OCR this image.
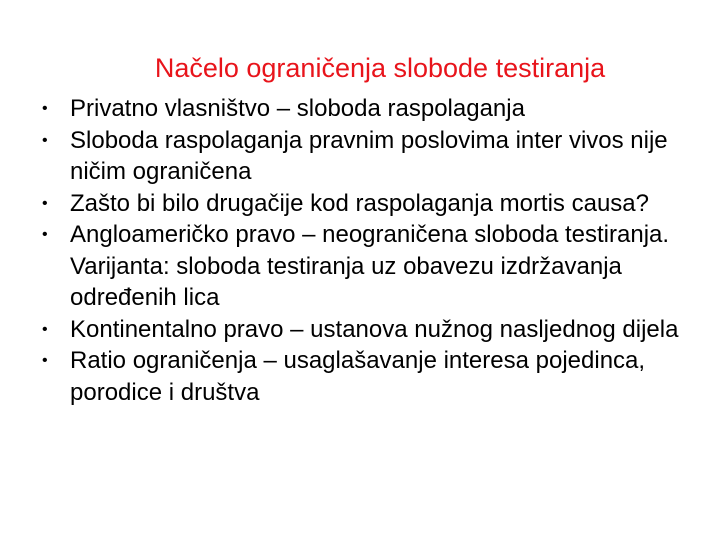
Načelo ograničenja slobode testiranja
• Privatno vlasništvo – sloboda raspolaganja
• Sloboda raspolaganja pravnim poslovima inter vivos nije ničim ograničena
• Zašto bi bilo drugačije kod raspolaganja mortis causa?
• Angloameričko pravo – neograničena sloboda testiranja. Varijanta: sloboda testiranja uz obavezu izdržavanja određenih lica
• Kontinentalno pravo – ustanova nužnog nasljednog dijela
• Ratio ograničenja – usaglašavanje interesa pojedinca, porodice i društva
